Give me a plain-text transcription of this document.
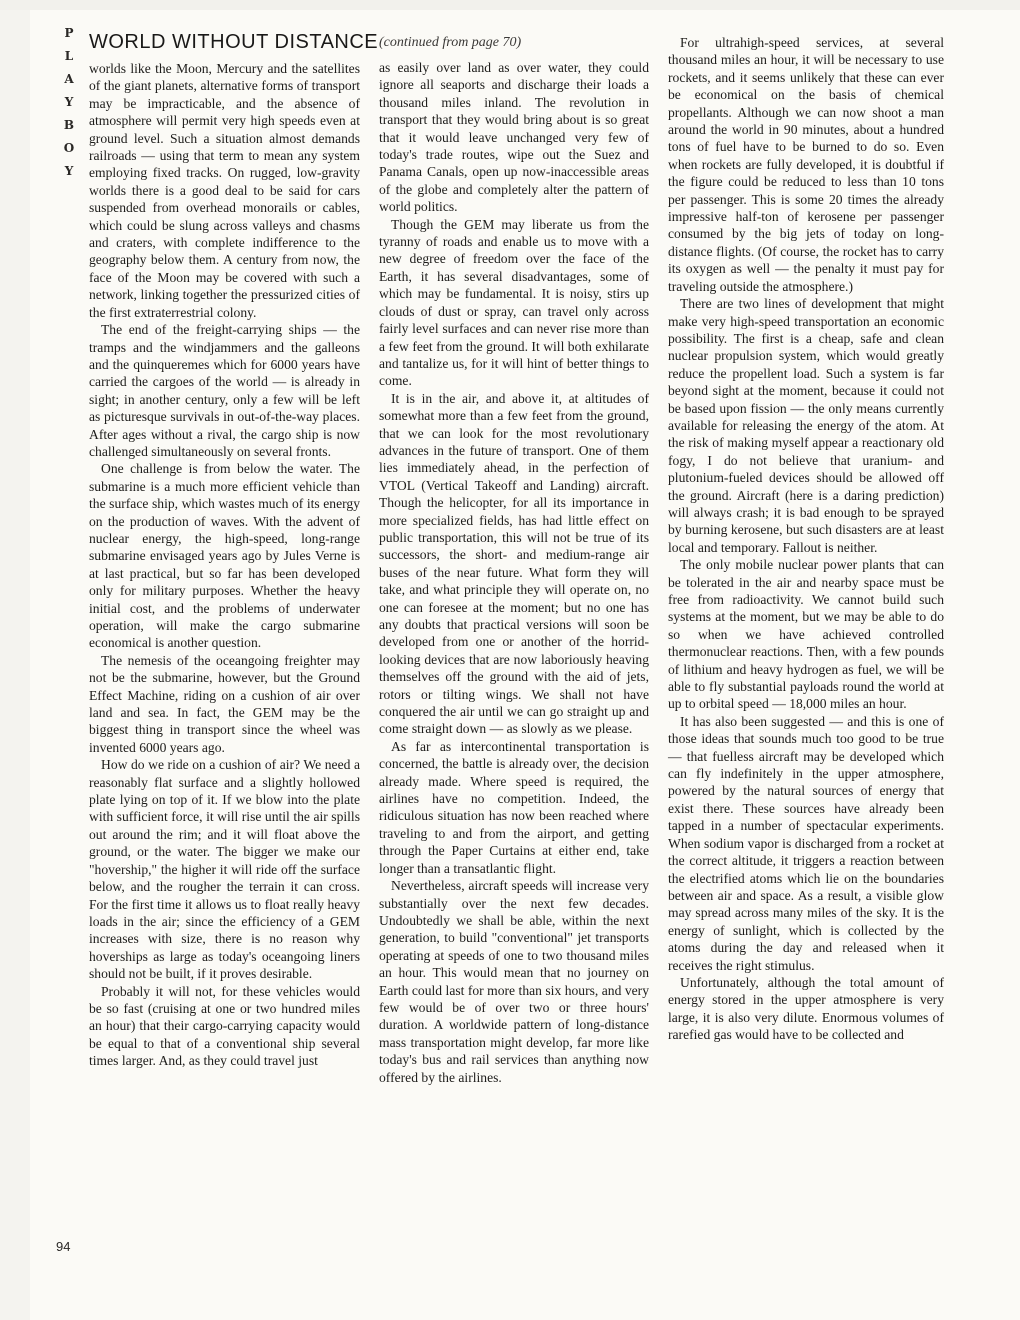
P
L
A
Y
B
O
Y
WORLD WITHOUT DISTANCE (continued from page 70)

worlds like the Moon, Mercury and the satellites of the giant planets, alternative forms of transport may be impracticable, and the absence of atmosphere will permit very high speeds even at ground level. Such a situation almost demands railroads — using that term to mean any system employing fixed tracks. On rugged, low-gravity worlds there is a good deal to be said for cars suspended from overhead monorails or cables, which could be slung across valleys and chasms and craters, with complete indifference to the geography below them. A century from now, the face of the Moon may be covered with such a network, linking together the pressurized cities of the first extraterrestrial colony.

The end of the freight-carrying ships — the tramps and the windjammers and the galleons and the quinqueremes which for 6000 years have carried the cargoes of the world — is already in sight; in another century, only a few will be left as picturesque survivals in out-of-the-way places. After ages without a rival, the cargo ship is now challenged simultaneously on several fronts.

One challenge is from below the water. The submarine is a much more efficient vehicle than the surface ship, which wastes much of its energy on the production of waves. With the advent of nuclear energy, the high-speed, long-range submarine envisaged years ago by Jules Verne is at last practical, but so far has been developed only for military purposes. Whether the heavy initial cost, and the problems of underwater operation, will make the cargo submarine economical is another question.

The nemesis of the oceangoing freighter may not be the submarine, however, but the Ground Effect Machine, riding on a cushion of air over land and sea. In fact, the GEM may be the biggest thing in transport since the wheel was invented 6000 years ago.

How do we ride on a cushion of air? We need a reasonably flat surface and a slightly hollowed plate lying on top of it. If we blow into the plate with sufficient force, it will rise until the air spills out around the rim; and it will float above the ground, or the water. The bigger we make our "hovership," the higher it will ride off the surface below, and the rougher the terrain it can cross. For the first time it allows us to float really heavy loads in the air; since the efficiency of a GEM increases with size, there is no reason why hoverships as large as today's oceangoing liners should not be built, if it proves desirable.

Probably it will not, for these vehicles would be so fast (cruising at one or two hundred miles an hour) that their cargo-carrying capacity would be equal to that of a conventional ship several times larger. And, as they could travel just

as easily over land as over water, they could ignore all seaports and discharge their loads a thousand miles inland. The revolution in transport that they would bring about is so great that it would leave unchanged very few of today's trade routes, wipe out the Suez and Panama Canals, open up now-inaccessible areas of the globe and completely alter the pattern of world politics.

Though the GEM may liberate us from the tyranny of roads and enable us to move with a new degree of freedom over the face of the Earth, it has several disadvantages, some of which may be fundamental. It is noisy, stirs up clouds of dust or spray, can travel only across fairly level surfaces and can never rise more than a few feet from the ground. It will both exhilarate and tantalize us, for it will hint of better things to come.

It is in the air, and above it, at altitudes of somewhat more than a few feet from the ground, that we can look for the most revolutionary advances in the future of transport. One of them lies immediately ahead, in the perfection of VTOL (Vertical Takeoff and Landing) aircraft. Though the helicopter, for all its importance in more specialized fields, has had little effect on public transportation, this will not be true of its successors, the short- and medium-range air buses of the near future. What form they will take, and what principle they will operate on, no one can foresee at the moment; but no one has any doubts that practical versions will soon be developed from one or another of the horrid-looking devices that are now laboriously heaving themselves off the ground with the aid of jets, rotors or tilting wings. We shall not have conquered the air until we can go straight up and come straight down — as slowly as we please.

As far as intercontinental transportation is concerned, the battle is already over, the decision already made. Where speed is required, the airlines have no competition. Indeed, the ridiculous situation has now been reached where traveling to and from the airport, and getting through the Paper Curtains at either end, take longer than a transatlantic flight.

Nevertheless, aircraft speeds will increase very substantially over the next few decades. Undoubtedly we shall be able, within the next generation, to build "conventional" jet transports operating at speeds of one to two thousand miles an hour. This would mean that no journey on Earth could last for more than six hours, and very few would be of over two or three hours' duration. A worldwide pattern of long-distance mass transportation might develop, far more like today's bus and rail services than anything now offered by the airlines.

For ultrahigh-speed services, at several thousand miles an hour, it will be necessary to use rockets, and it seems unlikely that these can ever be economical on the basis of chemical propellants. Although we can now shoot a man around the world in 90 minutes, about a hundred tons of fuel have to be burned to do so. Even when rockets are fully developed, it is doubtful if the figure could be reduced to less than 10 tons per passenger. This is some 20 times the already impressive half-ton of kerosene per passenger consumed by the big jets of today on long-distance flights. (Of course, the rocket has to carry its oxygen as well — the penalty it must pay for traveling outside the atmosphere.)

There are two lines of development that might make very high-speed transportation an economic possibility. The first is a cheap, safe and clean nuclear propulsion system, which would greatly reduce the propellent load. Such a system is far beyond sight at the moment, because it could not be based upon fission — the only means currently available for releasing the energy of the atom. At the risk of making myself appear a reactionary old fogy, I do not believe that uranium- and plutonium-fueled devices should be allowed off the ground. Aircraft (here is a daring prediction) will always crash; it is bad enough to be sprayed by burning kerosene, but such disasters are at least local and temporary. Fallout is neither.

The only mobile nuclear power plants that can be tolerated in the air and nearby space must be free from radioactivity. We cannot build such systems at the moment, but we may be able to do so when we have achieved controlled thermonuclear reactions. Then, with a few pounds of lithium and heavy hydrogen as fuel, we will be able to fly substantial payloads round the world at up to orbital speed — 18,000 miles an hour.

It has also been suggested — and this is one of those ideas that sounds much too good to be true — that fuelless aircraft may be developed which can fly indefinitely in the upper atmosphere, powered by the natural sources of energy that exist there. These sources have already been tapped in a number of spectacular experiments. When sodium vapor is discharged from a rocket at the correct altitude, it triggers a reaction between the electrified atoms which lie on the boundaries between air and space. As a result, a visible glow may spread across many miles of the sky. It is the energy of sunlight, which is collected by the atoms during the day and released when it receives the right stimulus.

Unfortunately, although the total amount of energy stored in the upper atmosphere is very large, it is also very dilute. Enormous volumes of rarefied gas would have to be collected and

94
